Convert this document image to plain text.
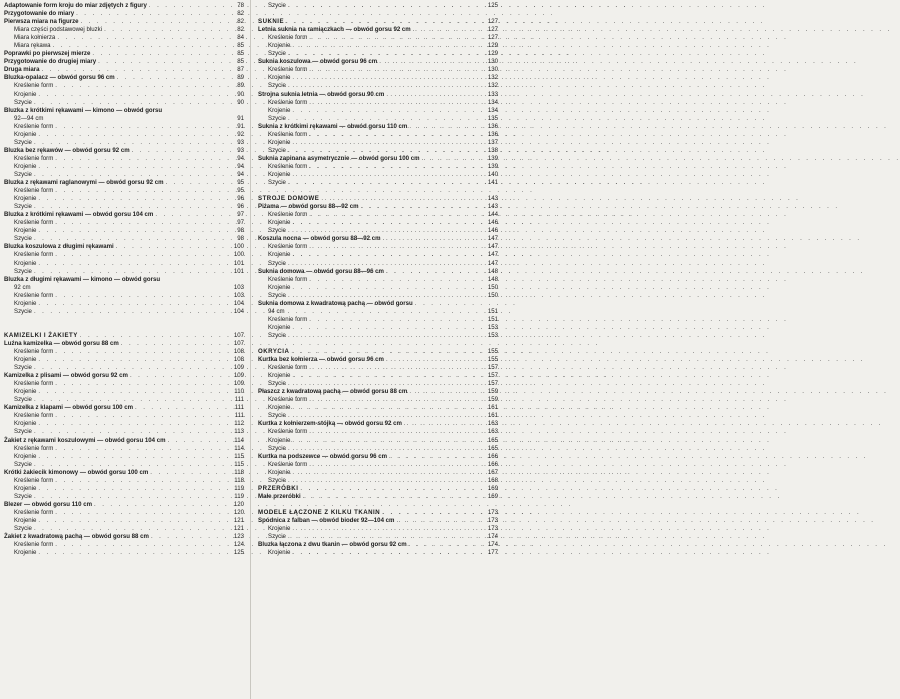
Adaptowanie form kroju do miar zdjętych z figury . . .	78
Przygotowanie do miary . . .	82
Pierwsza miara na figurze . . .	82
Miara części podstawowej bluzki . . .	82
Miara kołnierza . . .	84
Miara rękawa . . .	85
Poprawki po pierwszej mierze . . .	85
Przygotowanie do drugiej miary . . .	85
Druga miara . . .	87
Bluzka-opalacz — obwód gorsu 96 cm . . .	89
Kreślenie form . . .	89
Krojenie . . .	90
Szycie . . .	90
Bluzka z krótkimi rękawami — kimono — obwód gorsu
92—94 cm	91
Kreślenie form . . .	91
Krojenie . . .	92
Szycie . . .	93
Bluzka bez rękawów — obwód gorsu 92 cm . . .	93
Kreślenie form . . .	94
Krojenie . . .	94
Szycie . . .	94
Bluzka z rękawami raglanowymi — obwód gorsu 92 cm . . .	95
Kreślenie form . . .	95
Krojenie . . .	96
Szycie . . .	96
Bluzka z krótkimi rękawami — obwód gorsu 104 cm . . .	97
Kreślenie form . . .	97
Krojenie . . .	98
Szycie . . .	98
Bluzka koszulowa z długimi rękawami . . .	100
Kreślenie form . . .	100
Krojenie . . .	101
Szycie . . .	101
Bluzka z długimi rękawami — kimono — obwód gorsu
92 cm	103
Kreślenie form . . .	103
Krojenie . . .	104
Szycie . . .	104
KAMIZELKI I ŻAKIETY . . .	107
Luźna kamizelka — obwód gorsu 88 cm . . .	107
Kreślenie form . . .	108
Krojenie . . .	108
Szycie . . .	109
Kamizelka z plisami — obwód gorsu 92 cm . . .	109
Kreślenie form . . .	109
Krojenie . . .	110
Szycie . . .	111
Kamizelka z klapami — obwód gorsu 100 cm . . .	111
Kreślenie form . . .	111
Krojenie . . .	112
Szycie . . .	113
Żakiet z rękawami koszulowymi — obwód gorsu 104 cm . . .	114
Kreślenie form . . .	114
Krojenie . . .	115
Szycie . . .	115
Krótki żakiecik kimonowy — obwód gorsu 100 cm . . .	118
Kreślenie form . . .	118
Krojenie . . .	119
Szycie . . .	119
Blezer — obwód gorsu 110 cm . . .	120
Kreślenie form . . .	120
Krojenie . . .	121
Szycie . . .	121
Żakiet z kwadratową pachą — obwód gorsu 88 cm . . .	123
Kreślenie form . . .	124
Krojenie . . .	125
Szycie . . .	125
SUKNIE . . .	127
Letnia suknia na ramiączkach — obwód gorsu 92 cm . . .	127
Kreślenie form . . .	127
Krojenie . . .	129
Szycie . . .	129
Suknia koszulowa — obwód gorsu 96 cm . . .	130
Kreślenie form . . .	130
Krojenie . . .	132
Szycie . . .	132
Strojna suknia letnia — obwód gorsu 90 cm . . .	133
Kreślenie form . . .	134
Krojenie . . .	134
Szycie . . .	135
Suknia z krótkimi rękawami — obwód gorsu 110 cm . . .	136
Kreślenie form . . .	136
Krojenie . . .	137
Szycie . . .	138
Suknia zapinana asymetrycznie — obwód gorsu 100 cm . . .	139
Kreślenie form . . .	139
Krojenie . . .	140
Szycie . . .	141
STROJE DOMOWE . . .	143
Piżama — obwód gorsu 88—92 cm . . .	143
Kreślenie form . . .	144
Krojenie . . .	146
Szycie . . .	146
Koszula nocna — obwód gorsu 88—92 cm . . .	147
Kreślenie form . . .	147
Krojenie . . .	147
Szycie . . .	147
Suknia domowa — obwód gorsu 88—96 cm . . .	148
Kreślenie form . . .	148
Krojenie . . .	150
Szycie . . .	150
Suknia domowa z kwadratową pachą — obwód gorsu
94 cm	151
Kreślenie form . . .	151
Krojenie . . .	153
Szycie . . .	153
OKRYCIA . . .	155
Kurtka bez kołnierza — obwód gorsu 96 cm . . .	155
Kreślenie form . . .	157
Krojenie . . .	157
Szycie . . .	157
Płaszcz z kwadratową pachą — obwód gorsu 88 cm . . .	159
Kreślenie form . . .	159
Krojenie . . .	161
Szycie . . .	161
Kurtka z kołnierzem-stójką — obwód gorsu 92 cm . . .	163
Kreślenie form . . .	163
Krojenie . . .	165
Szycie . . .	165
Kurtka na podszewce — obwód gorsu 96 cm . . .	166
Kreślenie form . . .	166
Krojenie . . .	167
Szycie . . .	168
PRZERÓBKI . . .	169
Małe przeróbki . . .	169
MODELE ŁĄCZONE Z KILKU TKANIN . . .	173
Spódnica z falban — obwód bioder 92—104 cm . . .	173
Krojenie . . .	173
Szycie . . .	174
Bluzka łączona z dwu tkanin — obwód gorsu 92 cm . . .	174
Krojenie . . .	177
